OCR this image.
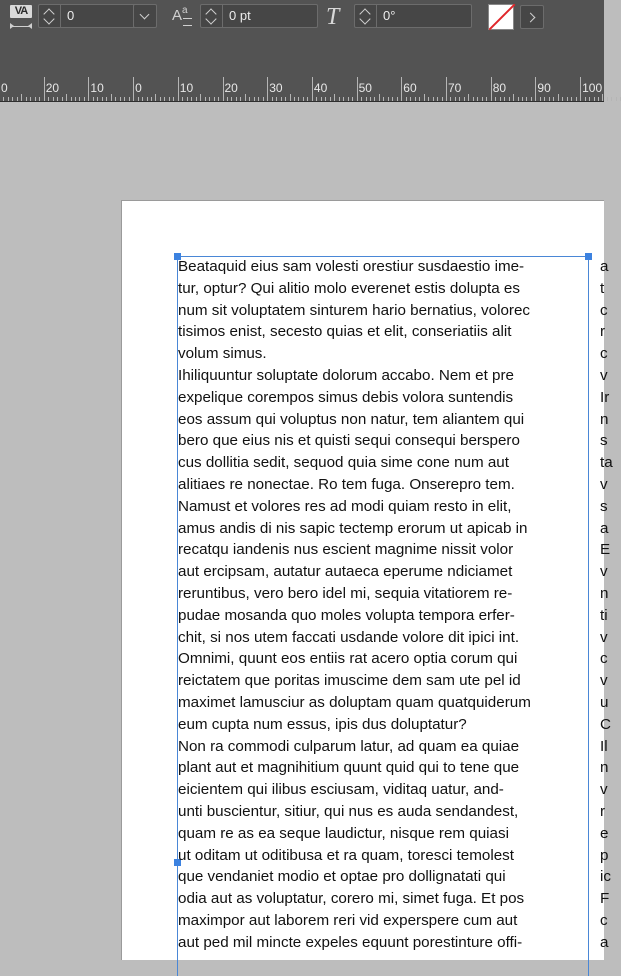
VA	0	A a	0 pt	T	0°
0	20	10	0	10	20	30	40	50	60	70	80	90	100
Beataquid eius sam volesti orestiur susdaestio ime-
tur, optur? Qui alitio molo everenet estis dolupta es
num sit voluptatem sinturem hario bernatius, volorec
tisimos enist, secesto quias et elit, conseriatiis alit
volum simus.
Ihiliquuntur soluptate dolorum accabo. Nem et pre
expelique corempos simus debis volora suntendis
eos assum qui voluptus non natur, tem aliantem qui
bero que eius nis et quisti sequi consequi berspero
cus dollitia sedit, sequod quia sime cone num aut
alitiaes re nonectae. Ro tem fuga. Onserepro tem.
Namust et volores res ad modi quiam resto in elit,
amus andis di nis sapic tectemp erorum ut apicab in
recatqu iandenis nus escient magnime nissit volor
aut ercipsam, autatur autaeca eperume ndiciamet
reruntibus, vero bero idel mi, sequia vitatiorem re-
pudae mosanda quo moles volupta tempora erfer-
chit, si nos utem faccati usdande volore dit ipici int.
Omnimi, quunt eos entiis rat acero optia corum qui
reictatem que poritas imuscime dem sam ute pel id
maximet lamusciur as doluptam quam quatquiderum
eum cupta num essus, ipis dus doluptatur?
Non ra commodi culparum latur, ad quam ea quiae
plant aut et magnihitium quunt quid qui to tene que
eicientem qui ilibus esciusam, viditaq uatur, and-
unti buscientur, sitiur, qui nus es auda sendandest,
quam re as ea seque laudictur, nisque rem quiasi
ut oditam ut oditibusa et ra quam, toresci temolest
que vendaniet modio et optae pro dollignatati qui
odia aut as voluptatur, corero mi, simet fuga. Et pos
maximpor aut laborem reri vid experspere cum aut
aut ped mil mincte expeles equunt porestinture offi-
a
t
c
r
c
v
Ir
n
s
ta
v
s
a
E
v
n
ti
v
c
v
u
C
Il
n
v
r
e
p
ic
F
c
a
